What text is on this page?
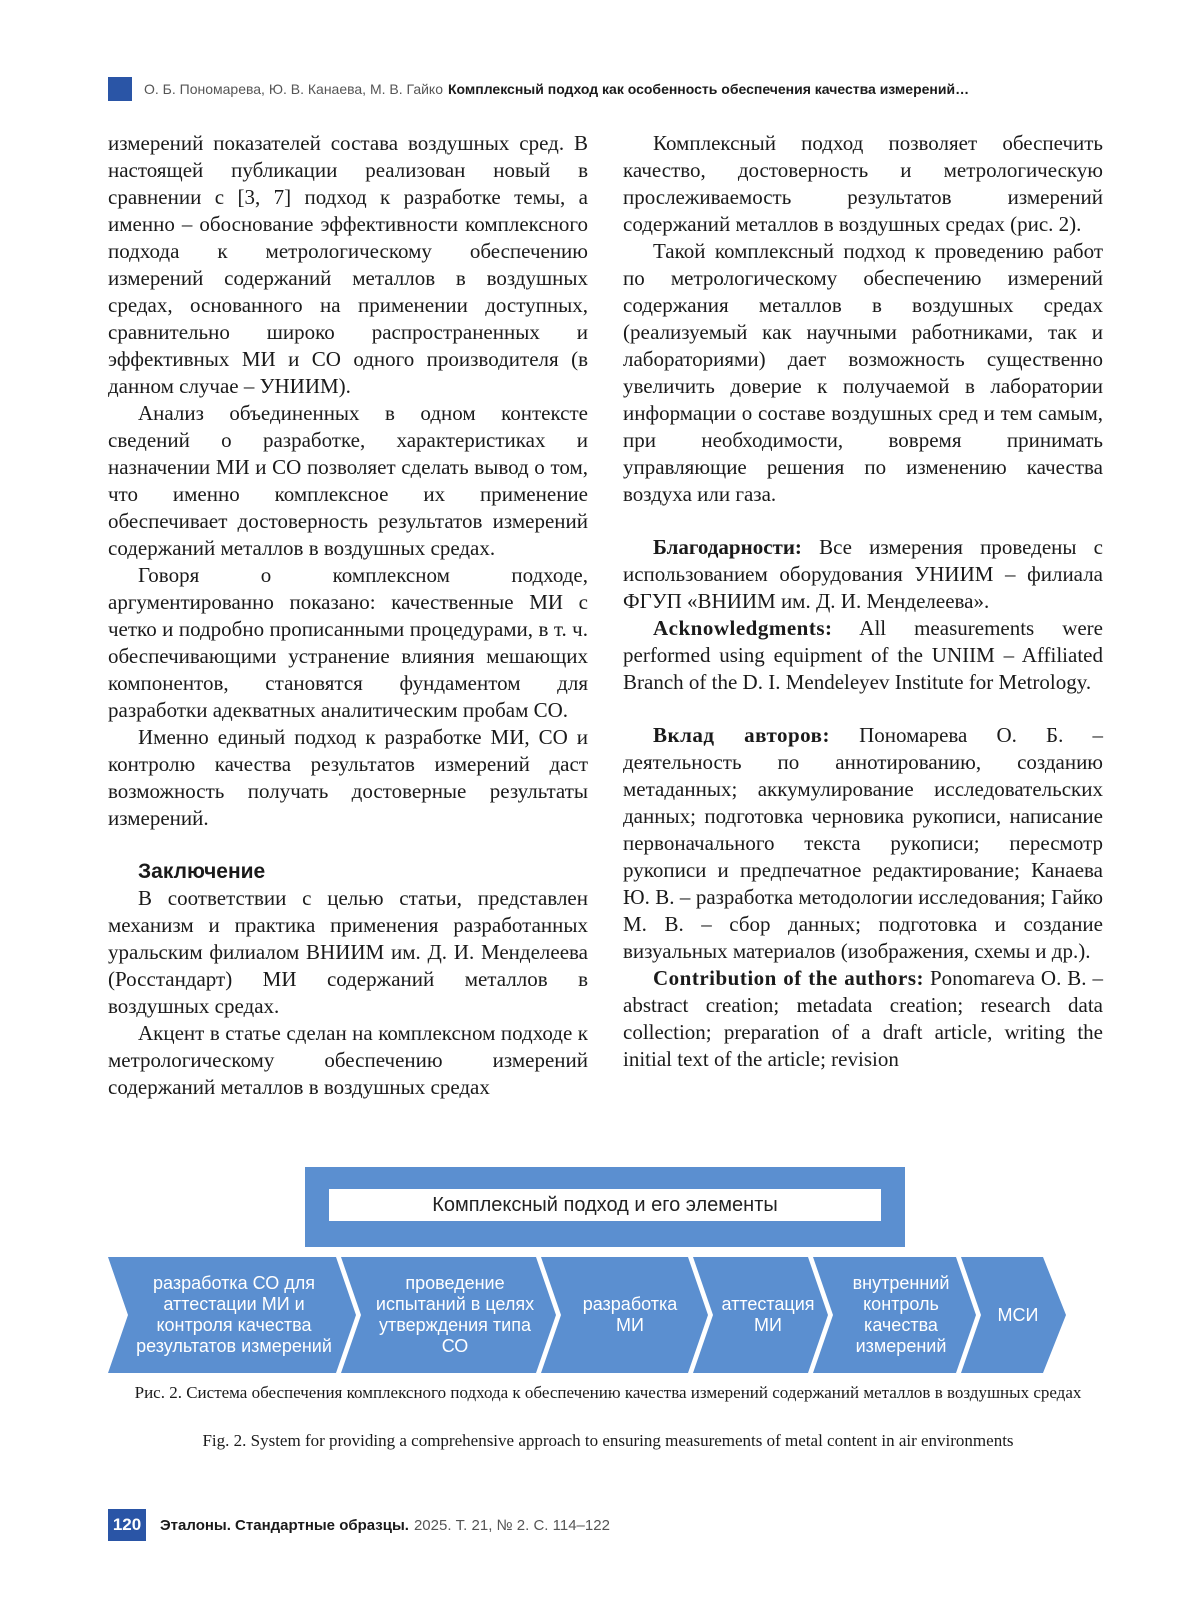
О. Б. Пономарева, Ю. В. Канаева, М. В. Гайко Комплексный подход как особенность обеспечения качества измерений…

измерений показателей состава воздушных сред. В настоящей публикации реализован новый в сравнении с [3, 7] подход к разработке темы, а именно – обоснование эффективности комплексного подхода к метрологическому обеспечению измерений содержаний металлов в воздушных средах, основанного на применении доступных, сравнительно широко распространенных и эффективных МИ и СО одного производителя (в данном случае – УНИИМ).

Анализ объединенных в одном контексте сведений о разработке, характеристиках и назначении МИ и СО позволяет сделать вывод о том, что именно комплексное их применение обеспечивает достоверность результатов измерений содержаний металлов в воздушных средах.

Говоря о комплексном подходе, аргументированно показано: качественные МИ с четко и подробно прописанными процедурами, в т. ч. обеспечивающими устранение влияния мешающих компонентов, становятся фундаментом для разработки адекватных аналитическим пробам СО.

Именно единый подход к разработке МИ, СО и контролю качества результатов измерений даст возможность получать достоверные результаты измерений.

Заключение

В соответствии с целью статьи, представлен механизм и практика применения разработанных уральским филиалом ВНИИМ им. Д. И. Менделеева (Росстандарт) МИ содержаний металлов в воздушных средах.

Акцент в статье сделан на комплексном подходе к метрологическому обеспечению измерений содержаний металлов в воздушных средах

Комплексный подход позволяет обеспечить качество, достоверность и метрологическую прослеживаемость результатов измерений содержаний металлов в воздушных средах (рис. 2).

Такой комплексный подход к проведению работ по метрологическому обеспечению измерений содержания металлов в воздушных средах (реализуемый как научными работниками, так и лабораториями) дает возможность существенно увеличить доверие к получаемой в лаборатории информации о составе воздушных сред и тем самым, при необходимости, вовремя принимать управляющие решения по изменению качества воздуха или газа.

Благодарности: Все измерения проведены с использованием оборудования УНИИМ – филиала ФГУП «ВНИИМ им. Д. И. Менделеева».

Acknowledgments: All measurements were performed using equipment of the UNIIM – Affiliated Branch of the D. I. Mendeleyev Institute for Metrology.

Вклад авторов: Пономарева О. Б. – деятельность по аннотированию, созданию метаданных; аккумулирование исследовательских данных; подготовка черновика рукописи, написание первоначального текста рукописи; пересмотр рукописи и предпечатное редактирование; Канаева Ю. В. – разработка методологии исследования; Гайко М. В. – сбор данных; подготовка и создание визуальных материалов (изображения, схемы и др.).

Contribution of the authors: Ponomareva O. B. – abstract creation; metadata creation; research data collection; preparation of a draft article, writing the initial text of the article; revision

Комплексный подход и его элементы
разработка СО для аттестации МИ и контроля качества результатов измерений
проведение испытаний в целях утверждения типа СО
разработка МИ
аттестация МИ
внутренний контроль качества измерений
МСИ
Рис. 2. Система обеспечения комплексного подхода к обеспечению качества измерений содержаний металлов в воздушных средах
Fig. 2. System for providing a comprehensive approach to ensuring measurements of metal content in air environments
120	Эталоны. Стандартные образцы. 2025. Т. 21, № 2. С. 114–122
